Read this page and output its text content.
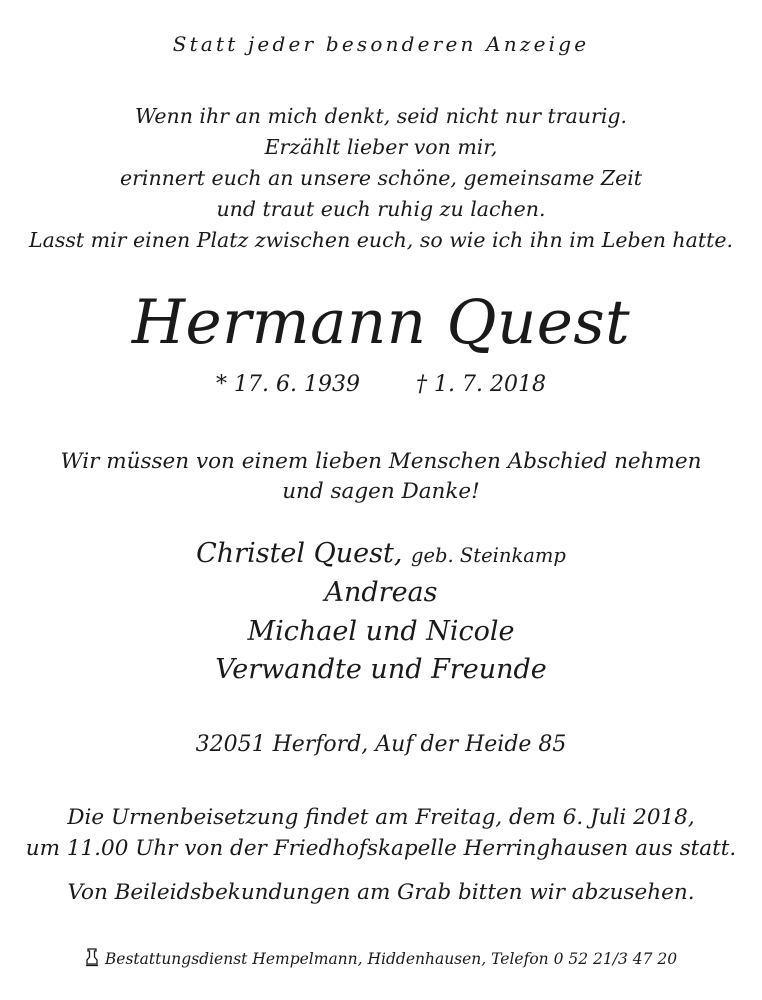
Statt jeder besonderen Anzeige
Wenn ihr an mich denkt, seid nicht nur traurig.
Erzählt lieber von mir,
erinnert euch an unsere schöne, gemeinsame Zeit
und traut euch ruhig zu lachen.
Lasst mir einen Platz zwischen euch, so wie ich ihn im Leben hatte.
Hermann Quest
* 17. 6. 1939	† 1. 7. 2018
Wir müssen von einem lieben Menschen Abschied nehmen
und sagen Danke!
Christel Quest, geb. Steinkamp
Andreas
Michael und Nicole
Verwandte und Freunde
32051 Herford, Auf der Heide 85
Die Urnenbeisetzung findet am Freitag, dem 6. Juli 2018,
um 11.00 Uhr von der Friedhofskapelle Herringhausen aus statt.
Von Beileidsbekundungen am Grab bitten wir abzusehen.
Bestattungsdienst Hempelmann, Hiddenhausen, Telefon 0 52 21/3 47 20
